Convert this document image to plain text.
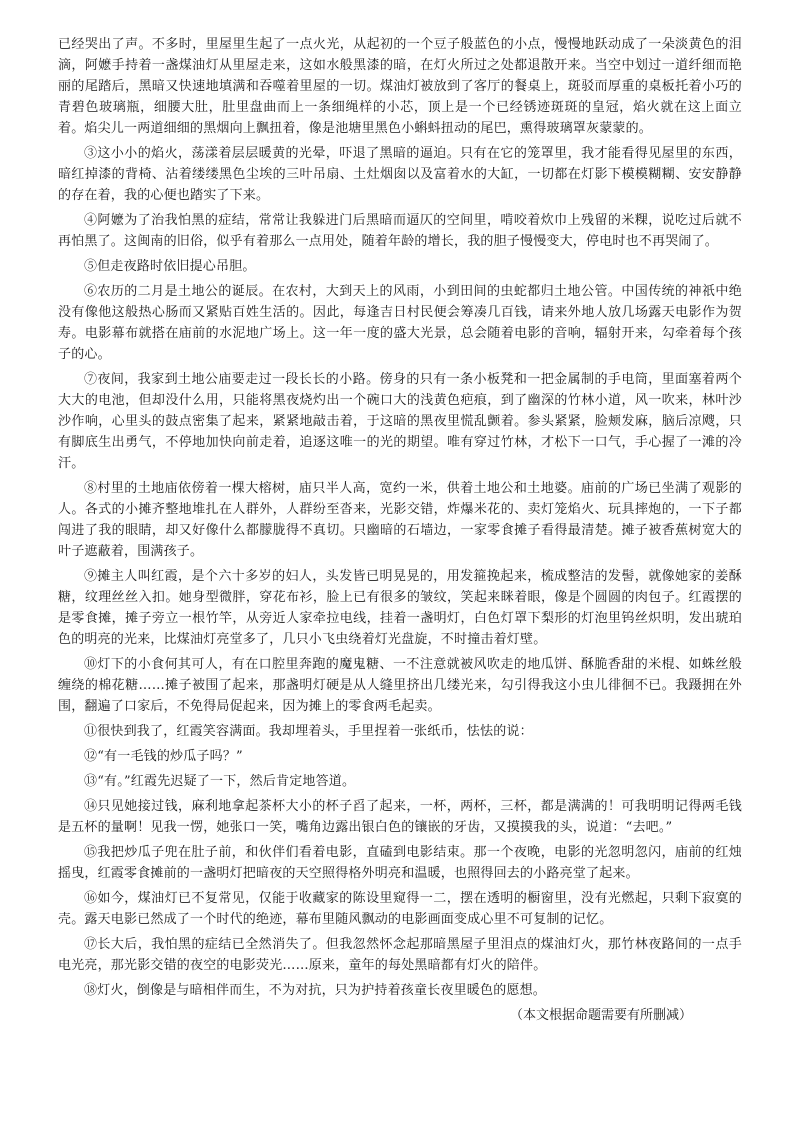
已经哭出了声。不多时，里屋里生起了一点火光，从起初的一个豆子般蓝色的小点，慢慢地跃动成了一朵淡黄色的泪滴，阿嬷手持着一盏煤油灯从里屋走来，这如水般黑漆的暗，在灯火所过之处都退散开来。当空中划过一道纤细而艳丽的尾踏后，黑暗又快速地填满和吞噬着里屋的一切。煤油灯被放到了客厅的餐桌上，斑驳而厚重的桌板托着小巧的青碧色玻璃瓶，细腰大肚，肚里盘曲而上一条细绳样的小芯，顶上是一个已经锈迹斑斑的皇冠，焰火就在这上面立着。焰尖儿一两道细细的黑烟向上飘扭着，像是池塘里黑色小蝌蚪扭动的尾巴，熏得玻璃罩灰蒙蒙的。

③这小小的焰火，荡漾着层层暖黄的光晕，吓退了黑暗的逼迫。只有在它的笼罩里，我才能看得见屋里的东西，暗红掉漆的背椅、沾着缕缕黑色尘埃的三叶吊扇、土灶烟囱以及富着水的大缸，一切都在灯影下模模糊糊、安安静静的存在着，我的心便也踏实了下来。

④阿嬷为了治我怕黑的症结，常常让我躲进门后黑暗而逼仄的空间里，啃咬着炊巾上残留的米粿，说吃过后就不再怕黑了。这闽南的旧俗，似乎有着那么一点用处，随着年龄的增长，我的胆子慢慢变大，停电时也不再哭闹了。

⑤但走夜路时依旧提心吊胆。

⑥农历的二月是土地公的诞辰。在农村，大到天上的风雨，小到田间的虫蛇都归土地公管。中国传统的神祇中绝没有像他这般热心肠而又紧贴百姓生活的。因此，每逢吉日村民便会筹凑几百钱，请来外地人放几场露天电影作为贺寿。电影幕布就搭在庙前的水泥地广场上。这一年一度的盛大光景，总会随着电影的音响，辐射开来，勾牵着每个孩子的心。

⑦夜间，我家到土地公庙要走过一段长长的小路。傍身的只有一条小板凳和一把金属制的手电筒，里面塞着两个大大的电池，但却没什么用，只能将黑夜烧灼出一个碗口大的浅黄色疤痕，到了幽深的竹林小道，风一吹来，林叶沙沙作响，心里头的鼓点密集了起来，紧紧地敲击着，于这暗的黑夜里慌乱颤着。参头紧紧，脸颊发麻，脑后凉飕，只有脚底生出勇气，不停地加快向前走着，追逐这唯一的光的期望。唯有穿过竹林，才松下一口气，手心握了一滩的冷汗。

⑧村里的土地庙依傍着一棵大榕树，庙只半人高，宽约一米，供着土地公和土地婆。庙前的广场已坐满了观影的人。各式的小摊齐整地堆扎在人群外，人群纷至沓来，光影交错，炸爆米花的、卖灯笼焰火、玩具摔炮的，一下子都闯进了我的眼睛，却又好像什么都朦胧得不真切。只幽暗的石墙边，一家零食摊子看得最清楚。摊子被香蕉树宽大的叶子遮蔽着，围满孩子。

⑨摊主人叫红霞，是个六十多岁的妇人，头发皆已明晃晃的，用发箍挽起来，梳成整洁的发髻，就像她家的姜酥糖，纹理丝丝入扣。她身型微胖，穿花布衫，脸上已有很多的皱纹，笑起来眯着眼，像是个圆圆的肉包子。红霞摆的是零食摊，摊子旁立一根竹竿，从旁近人家牵拉电线，挂着一盏明灯，白色灯罩下梨形的灯泡里钨丝炽明，发出琥珀色的明亮的光来，比煤油灯亮堂多了，几只小飞虫绕着灯光盘旋，不时撞击着灯壁。

⑩灯下的小食何其可人，有在口腔里奔跑的魔鬼糖、一不注意就被风吹走的地瓜饼、酥脆香甜的米棍、如蛛丝般缠绕的棉花糖……摊子被围了起来，那盏明灯硬是从人缝里挤出几缕光来，勾引得我这小虫儿徘徊不已。我蹑拥在外围，翻遍了口家后，不免得局促起来，因为摊上的零食两毛起卖。

⑪很快到我了，红霞笑容满面。我却埋着头，手里捏着一张纸币，怯怯的说：

⑫“有一毛钱的炒瓜子吗？”

⑬“有。”红霞先迟疑了一下，然后肯定地答道。

⑭只见她接过钱，麻利地拿起茶杯大小的杯子舀了起来，一杯，两杯，三杯，都是满满的！可我明明记得两毛钱是五杯的量啊！见我一愣，她张口一笑，嘴角边露出银白色的镶嵌的牙齿，又摸摸我的头，说道：“去吧。”

⑮我把炒瓜子兜在肚子前，和伙伴们看着电影，直磕到电影结束。那一个夜晚，电影的光忽明忽闪，庙前的红烛摇曳，红霞零食摊前的一盏明灯把暗夜的天空照得格外明亮和温暖，也照得回去的小路亮堂了起来。

⑯如今，煤油灯已不复常见，仅能于收藏家的陈设里窥得一二，摆在透明的橱窗里，没有光燃起，只剩下寂寞的壳。露天电影已然成了一个时代的绝迹，幕布里随风飘动的电影画面变成心里不可复制的记忆。

⑰长大后，我怕黑的症结已全然消失了。但我忽然怀念起那暗黑屋子里泪点的煤油灯火，那竹林夜路间的一点手电光亮，那光影交错的夜空的电影荧光……原来，童年的每处黑暗都有灯火的陪伴。

⑱灯火，倒像是与暗相伴而生，不为对抗，只为护持着孩童长夜里暖色的愿想。

（本文根据命题需要有所删减）
